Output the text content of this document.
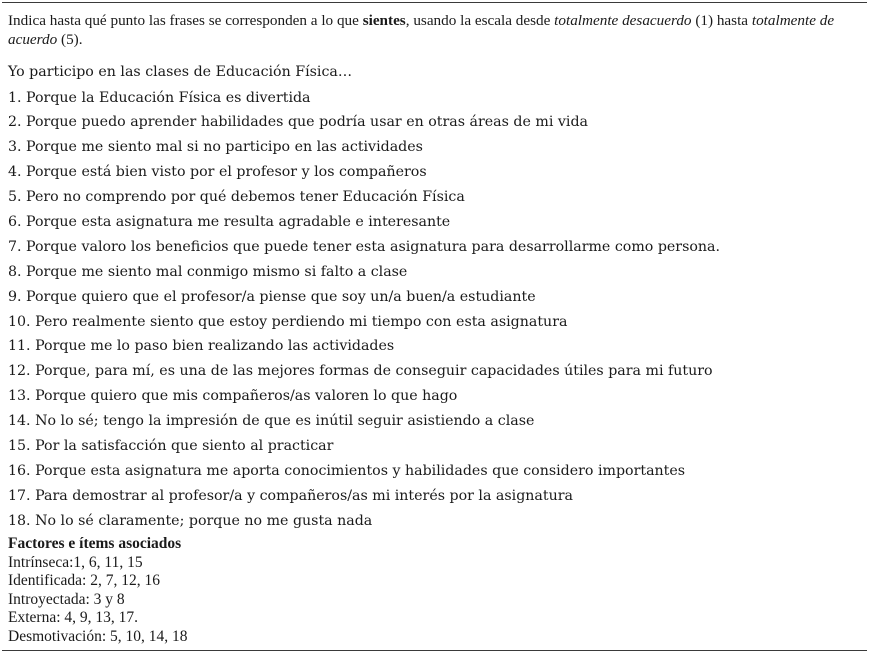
Indica hasta qué punto las frases se corresponden a lo que sientes, usando la escala desde totalmente desacuerdo (1) hasta totalmente de acuerdo (5).
Yo participo en las clases de Educación Física…
1. Porque la Educación Física es divertida
2. Porque puedo aprender habilidades que podría usar en otras áreas de mi vida
3. Porque me siento mal si no participo en las actividades
4. Porque está bien visto por el profesor y los compañeros
5. Pero no comprendo por qué debemos tener Educación Física
6. Porque esta asignatura me resulta agradable e interesante
7. Porque valoro los beneficios que puede tener esta asignatura para desarrollarme como persona.
8. Porque me siento mal conmigo mismo si falto a clase
9. Porque quiero que el profesor/a piense que soy un/a buen/a estudiante
10. Pero realmente siento que estoy perdiendo mi tiempo con esta asignatura
11. Porque me lo paso bien realizando las actividades
12. Porque, para mí, es una de las mejores formas de conseguir capacidades útiles para mi futuro
13. Porque quiero que mis compañeros/as valoren lo que hago
14. No lo sé; tengo la impresión de que es inútil seguir asistiendo a clase
15. Por la satisfacción que siento al practicar
16. Porque esta asignatura me aporta conocimientos y habilidades que considero importantes
17. Para demostrar al profesor/a y compañeros/as mi interés por la asignatura
18. No lo sé claramente; porque no me gusta nada
Factores e ítems asociados
Intrínseca:1, 6, 11, 15
Identificada: 2, 7, 12, 16
Introyectada: 3 y 8
Externa: 4, 9, 13, 17.
Desmotivación: 5, 10, 14, 18
